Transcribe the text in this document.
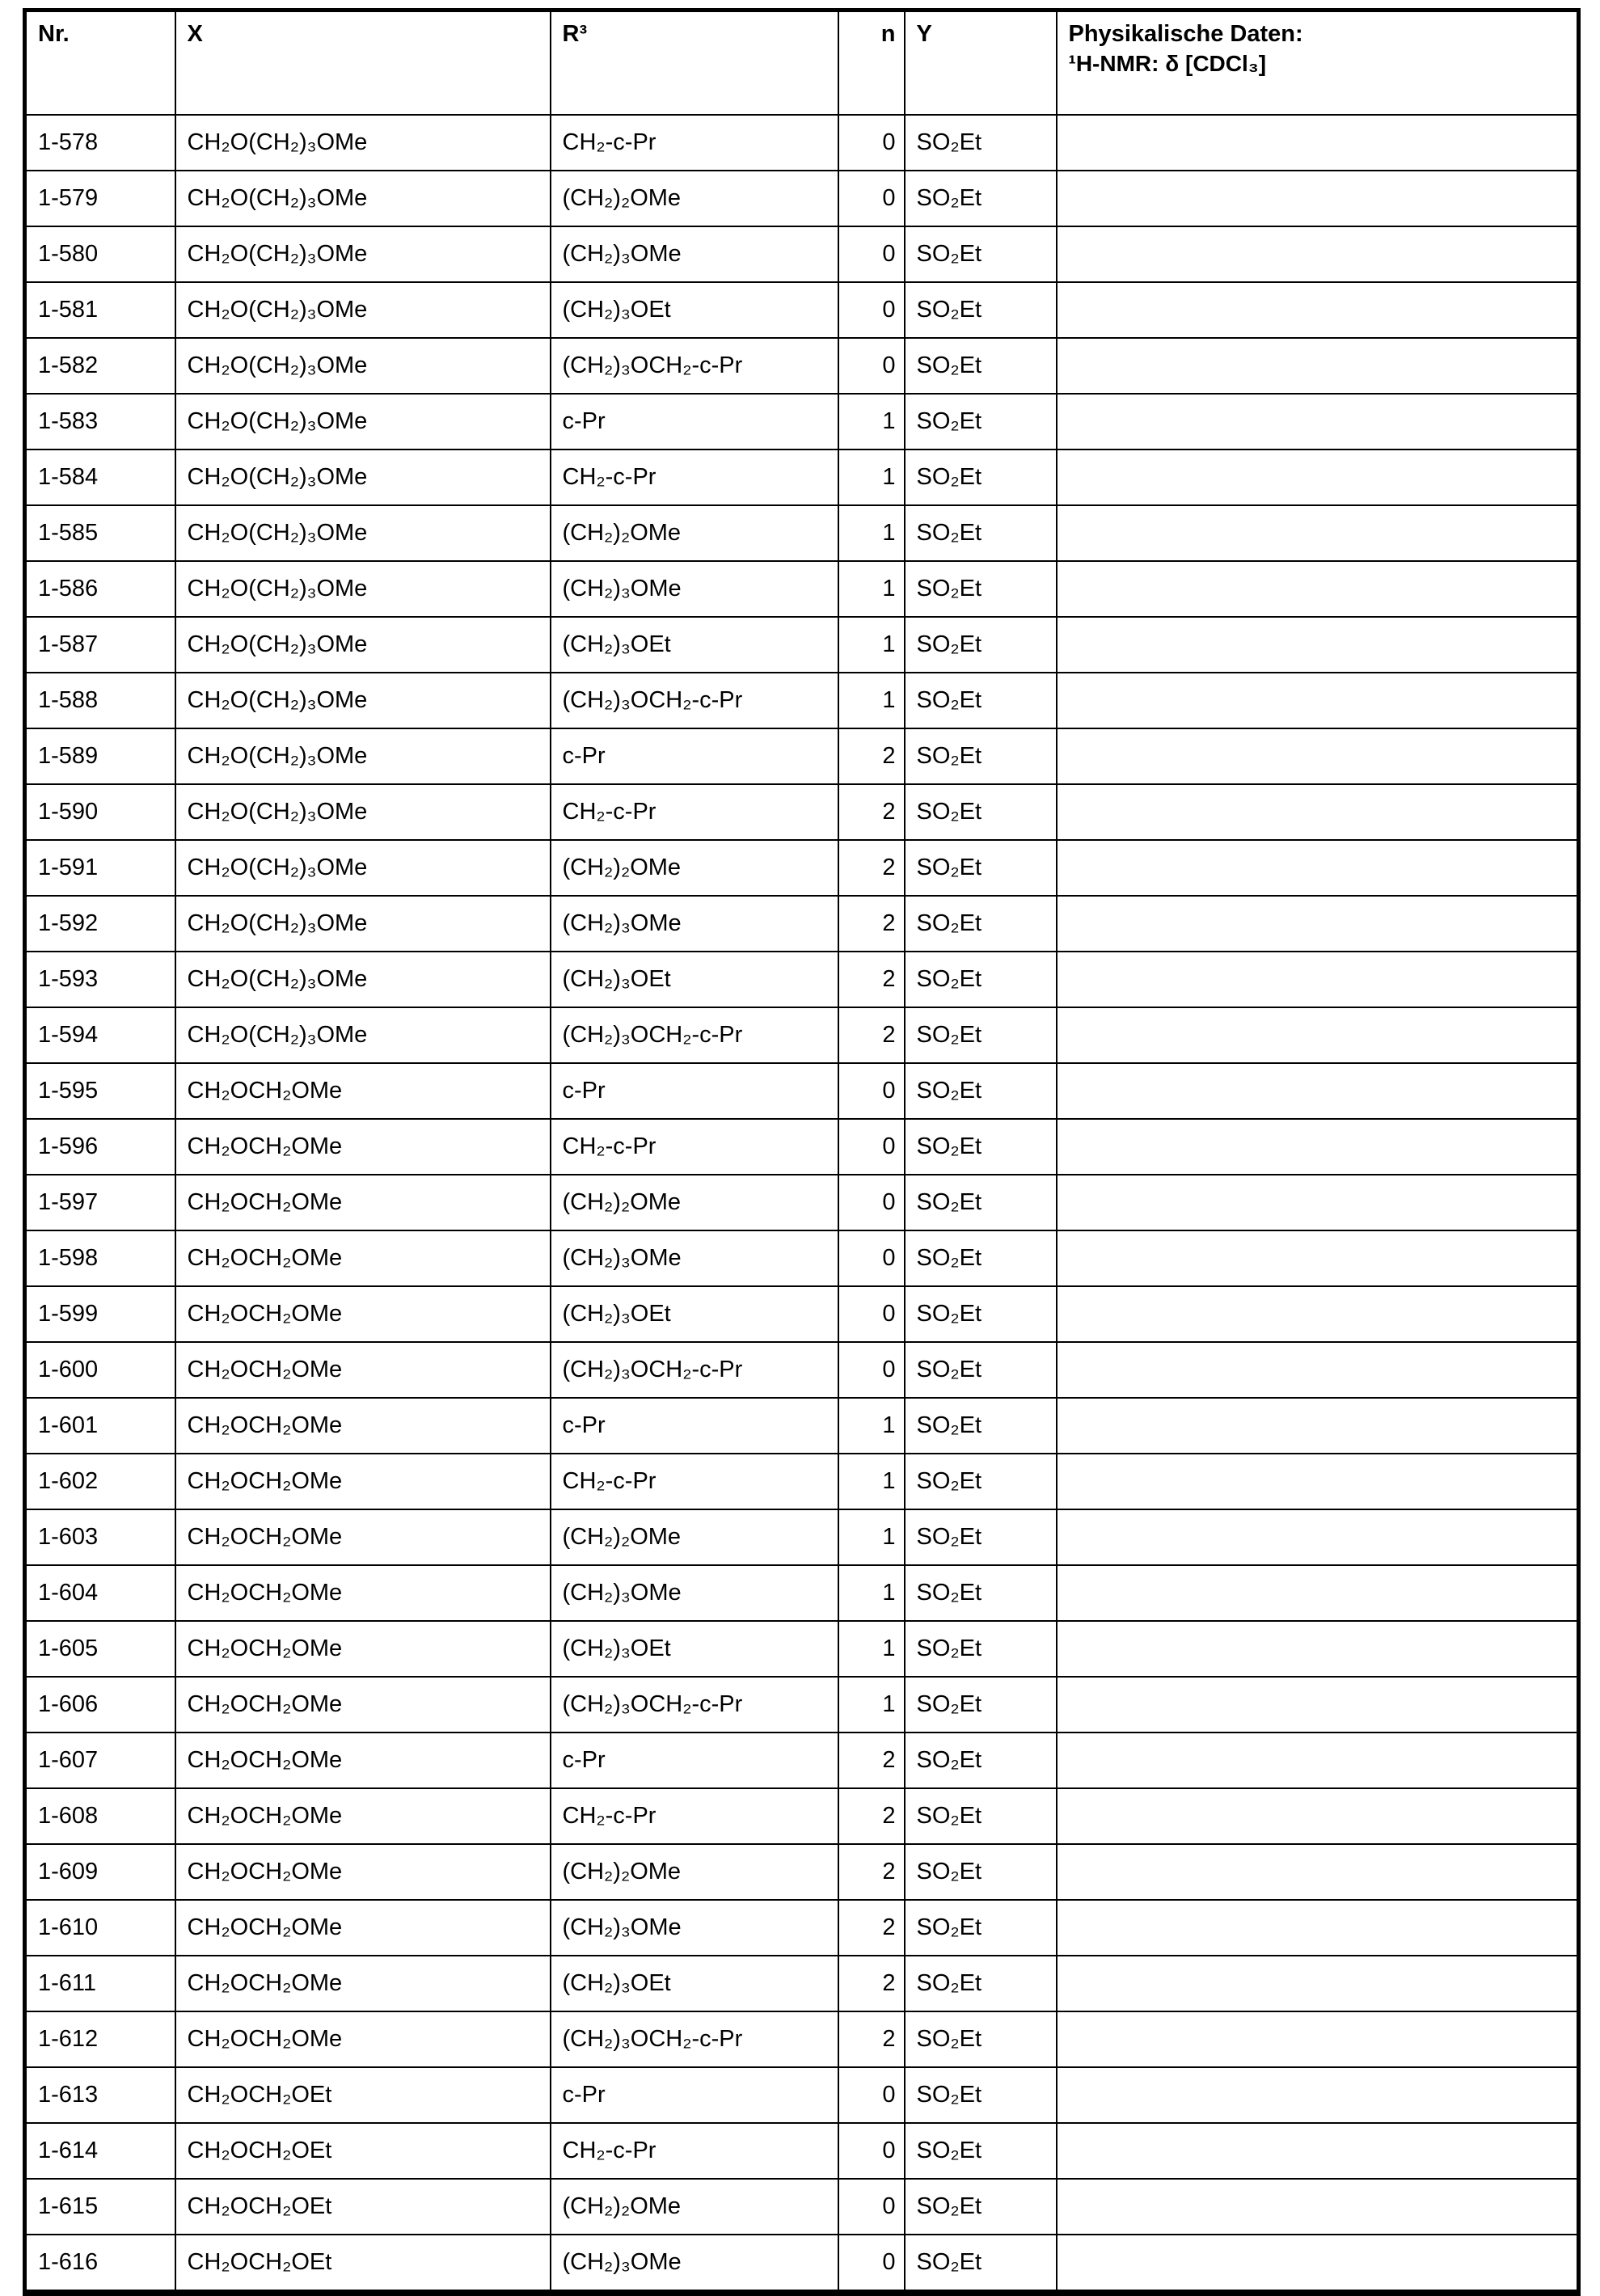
Nr.	X	R³	n	Y	Physikalische Daten:
¹H-NMR: δ [CDCl₃]

1-578	CH₂O(CH₂)₃OMe	CH₂-c-Pr	0	SO₂Et	
1-579	CH₂O(CH₂)₃OMe	(CH₂)₂OMe	0	SO₂Et	
1-580	CH₂O(CH₂)₃OMe	(CH₂)₃OMe	0	SO₂Et	
1-581	CH₂O(CH₂)₃OMe	(CH₂)₃OEt	0	SO₂Et	
1-582	CH₂O(CH₂)₃OMe	(CH₂)₃OCH₂-c-Pr	0	SO₂Et	
1-583	CH₂O(CH₂)₃OMe	c-Pr	1	SO₂Et	
1-584	CH₂O(CH₂)₃OMe	CH₂-c-Pr	1	SO₂Et	
1-585	CH₂O(CH₂)₃OMe	(CH₂)₂OMe	1	SO₂Et	
1-586	CH₂O(CH₂)₃OMe	(CH₂)₃OMe	1	SO₂Et	
1-587	CH₂O(CH₂)₃OMe	(CH₂)₃OEt	1	SO₂Et	
1-588	CH₂O(CH₂)₃OMe	(CH₂)₃OCH₂-c-Pr	1	SO₂Et	
1-589	CH₂O(CH₂)₃OMe	c-Pr	2	SO₂Et	
1-590	CH₂O(CH₂)₃OMe	CH₂-c-Pr	2	SO₂Et	
1-591	CH₂O(CH₂)₃OMe	(CH₂)₂OMe	2	SO₂Et	
1-592	CH₂O(CH₂)₃OMe	(CH₂)₃OMe	2	SO₂Et	
1-593	CH₂O(CH₂)₃OMe	(CH₂)₃OEt	2	SO₂Et	
1-594	CH₂O(CH₂)₃OMe	(CH₂)₃OCH₂-c-Pr	2	SO₂Et	
1-595	CH₂OCH₂OMe	c-Pr	0	SO₂Et	
1-596	CH₂OCH₂OMe	CH₂-c-Pr	0	SO₂Et	
1-597	CH₂OCH₂OMe	(CH₂)₂OMe	0	SO₂Et	
1-598	CH₂OCH₂OMe	(CH₂)₃OMe	0	SO₂Et	
1-599	CH₂OCH₂OMe	(CH₂)₃OEt	0	SO₂Et	
1-600	CH₂OCH₂OMe	(CH₂)₃OCH₂-c-Pr	0	SO₂Et	
1-601	CH₂OCH₂OMe	c-Pr	1	SO₂Et	
1-602	CH₂OCH₂OMe	CH₂-c-Pr	1	SO₂Et	
1-603	CH₂OCH₂OMe	(CH₂)₂OMe	1	SO₂Et	
1-604	CH₂OCH₂OMe	(CH₂)₃OMe	1	SO₂Et	
1-605	CH₂OCH₂OMe	(CH₂)₃OEt	1	SO₂Et	
1-606	CH₂OCH₂OMe	(CH₂)₃OCH₂-c-Pr	1	SO₂Et	
1-607	CH₂OCH₂OMe	c-Pr	2	SO₂Et	
1-608	CH₂OCH₂OMe	CH₂-c-Pr	2	SO₂Et	
1-609	CH₂OCH₂OMe	(CH₂)₂OMe	2	SO₂Et	
1-610	CH₂OCH₂OMe	(CH₂)₃OMe	2	SO₂Et	
1-611	CH₂OCH₂OMe	(CH₂)₃OEt	2	SO₂Et	
1-612	CH₂OCH₂OMe	(CH₂)₃OCH₂-c-Pr	2	SO₂Et	
1-613	CH₂OCH₂OEt	c-Pr	0	SO₂Et	
1-614	CH₂OCH₂OEt	CH₂-c-Pr	0	SO₂Et	
1-615	CH₂OCH₂OEt	(CH₂)₂OMe	0	SO₂Et	
1-616	CH₂OCH₂OEt	(CH₂)₃OMe	0	SO₂Et	
